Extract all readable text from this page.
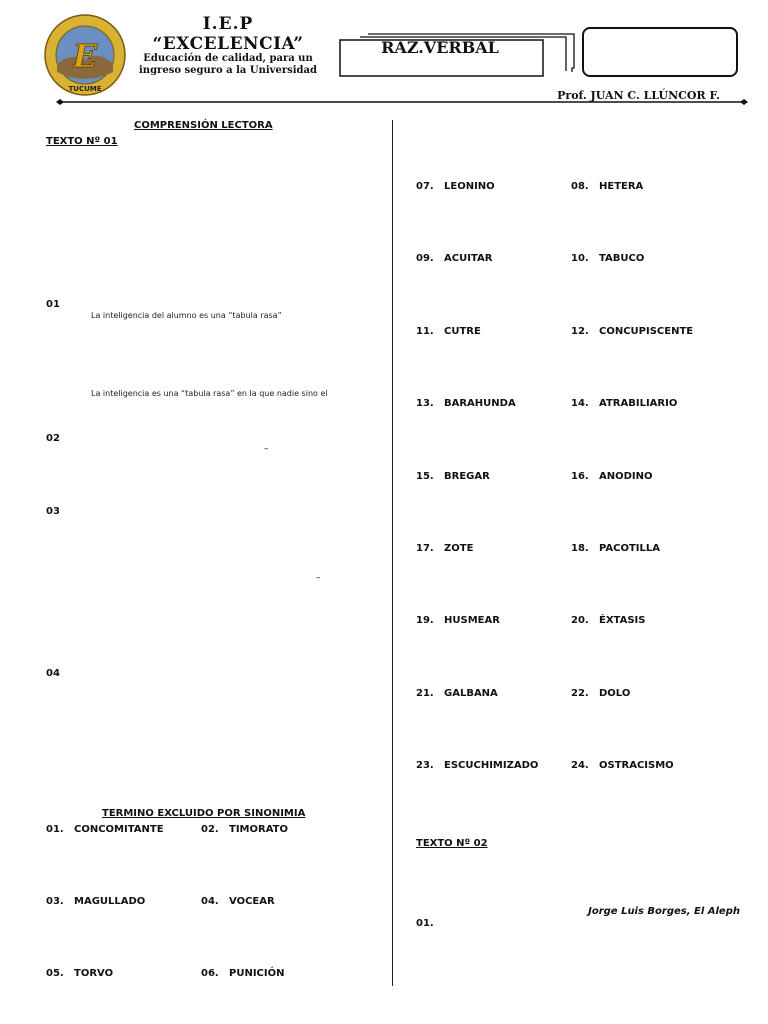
E
TUCUME
I.E.P
“EXCELENCIA”
Educación de calidad, para un ingreso seguro a la Universidad
RAZ.VERBAL
Prof. JUAN C. LLÚNCOR F.
COMPRENSIÓN LECTORA
TEXTO Nº 01
01
La inteligencia del alumno es una “tabula rasa”
La inteligencia es una “tabula rasa” en la que nadie sino el
02
–
03
–
04
TERMINO EXCLUIDO POR SINONIMIA
01. CONCOMITANTE	02. TIMORATO
03. MAGULLADO	04. VOCEAR
05. TORVO	06. PUNICIÓN
07. LEONINO	08. HETERA
09. ACUITAR	10. TABUCO
11. CUTRE	12. CONCUPISCENTE
13. BARAHUNDA	14. ATRABILIARIO
15. BREGAR	16. ANODINO
17. ZOTE	18. PACOTILLA
19. HUSMEAR	20. ÉXTASIS
21. GALBANA	22. DOLO
23. ESCUCHIMIZADO	24. OSTRACISMO
TEXTO Nº 02
Jorge Luis Borges, El Aleph
01.
